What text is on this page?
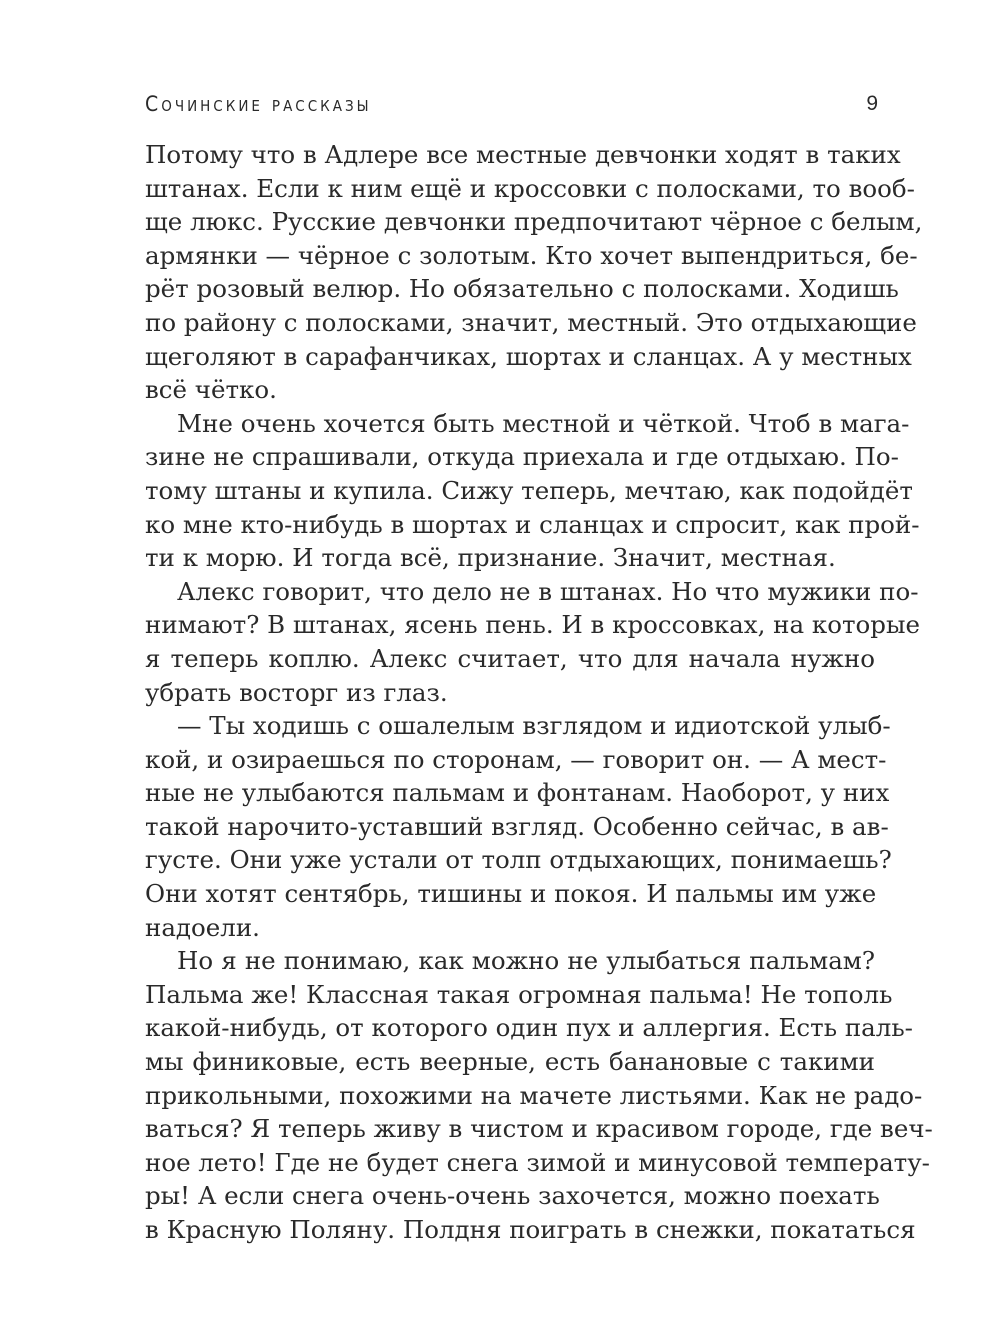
Сочинские рассказы	9
Потому что в Адлере все местные девчонки ходят в таких
штанах. Если к ним ещё и кроссовки с полосками, то вооб-
ще люкс. Русские девчонки предпочитают чёрное с белым,
армянки — чёрное с золотым. Кто хочет выпендриться, бе-
рёт розовый велюр. Но обязательно с полосками. Ходишь
по району с полосками, значит, местный. Это отдыхающие
щеголяют в сарафанчиках, шортах и сланцах. А у местных
всё чётко.
Мне очень хочется быть местной и чёткой. Чтоб в мага-
зине не спрашивали, откуда приехала и где отдыхаю. По-
тому штаны и купила. Сижу теперь, мечтаю, как подойдёт
ко мне кто-нибудь в шортах и сланцах и спросит, как прой-
ти к морю. И тогда всё, признание. Значит, местная.
Алекс говорит, что дело не в штанах. Но что мужики по-
нимают? В штанах, ясень пень. И в кроссовках, на которые
я теперь коплю. Алекс считает, что для начала нужно
убрать восторг из глаз.
— Ты ходишь с ошалелым взглядом и идиотской улыб-
кой, и озираешься по сторонам, — говорит он. — А мест-
ные не улыбаются пальмам и фонтанам. Наоборот, у них
такой нарочито-уставший взгляд. Особенно сейчас, в ав-
густе. Они уже устали от толп отдыхающих, понимаешь?
Они хотят сентябрь, тишины и покоя. И пальмы им уже
надоели.
Но я не понимаю, как можно не улыбаться пальмам?
Пальма же! Классная такая огромная пальма! Не тополь
какой-нибудь, от которого один пух и аллергия. Есть паль-
мы финиковые, есть веерные, есть банановые с такими
прикольными, похожими на мачете листьями. Как не радо-
ваться? Я теперь живу в чистом и красивом городе, где веч-
ное лето! Где не будет снега зимой и минусовой температу-
ры! А если снега очень-очень захочется, можно поехать
в Красную Поляну. Полдня поиграть в снежки, покататься
